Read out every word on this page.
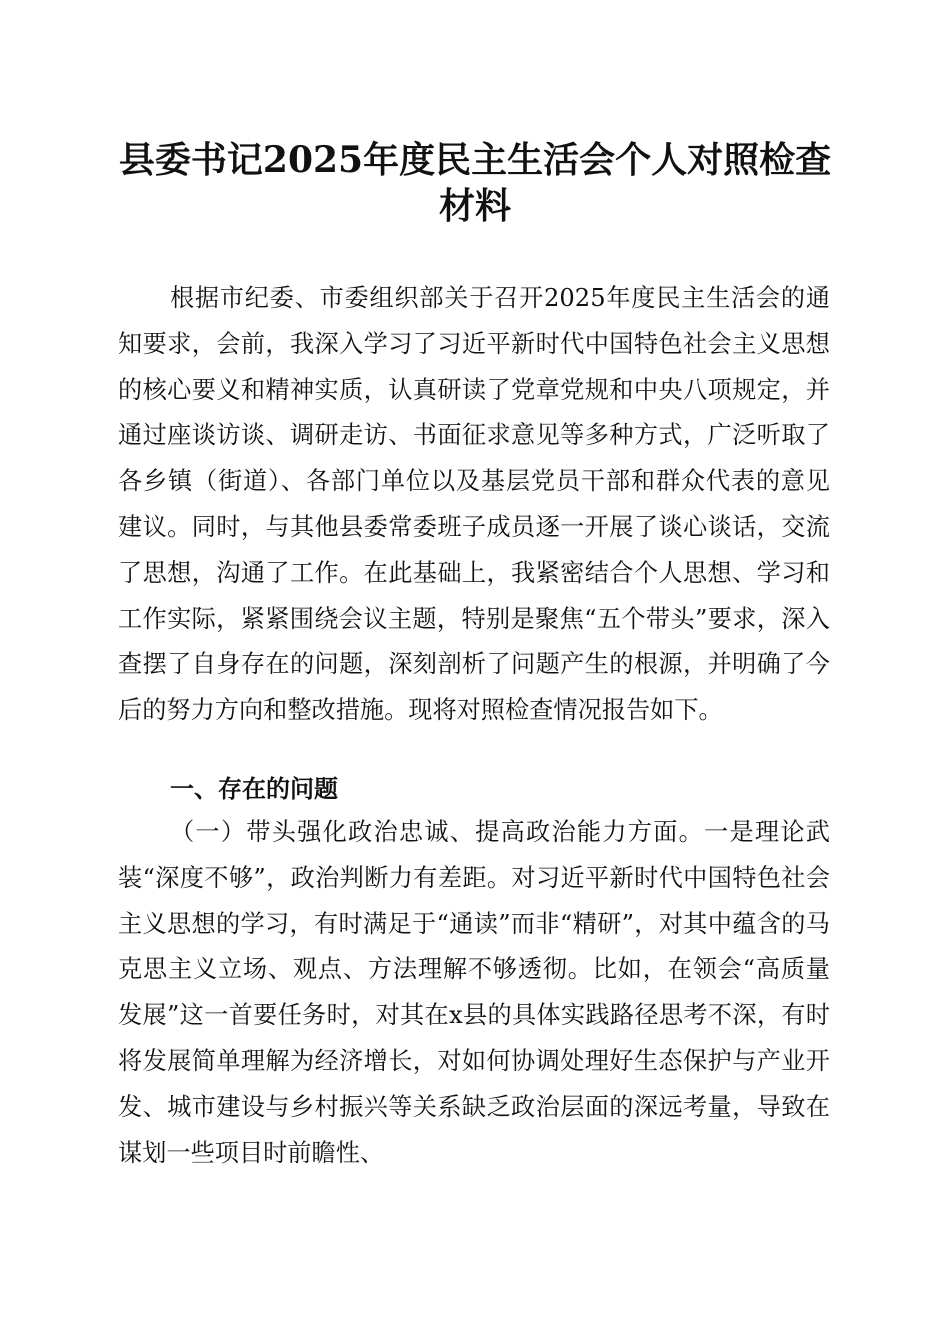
县委书记2025年度民主生活会个人对照检查
材料

根据市纪委、市委组织部关于召开2025年度民主生活会的通知要求，会前，我深入学习了习近平新时代中国特色社会主义思想的核心要义和精神实质，认真研读了党章党规和中央八项规定，并通过座谈访谈、调研走访、书面征求意见等多种方式，广泛听取了各乡镇（街道）、各部门单位以及基层党员干部和群众代表的意见建议。同时，与其他县委常委班子成员逐一开展了谈心谈话，交流了思想，沟通了工作。在此基础上，我紧密结合个人思想、学习和工作实际，紧紧围绕会议主题，特别是聚焦“五个带头”要求，深入查摆了自身存在的问题，深刻剖析了问题产生的根源，并明确了今后的努力方向和整改措施。现将对照检查情况报告如下。

一、存在的问题

（一）带头强化政治忠诚、提高政治能力方面。一是理论武装“深度不够”，政治判断力有差距。对习近平新时代中国特色社会主义思想的学习，有时满足于“通读”而非“精研”，对其中蕴含的马克思主义立场、观点、方法理解不够透彻。比如，在领会“高质量发展”这一首要任务时，对其在x县的具体实践路径思考不深，有时将发展简单理解为经济增长，对如何协调处理好生态保护与产业开发、城市建设与乡村振兴等关系缺乏政治层面的深远考量，导致在谋划一些项目时前瞻性、
